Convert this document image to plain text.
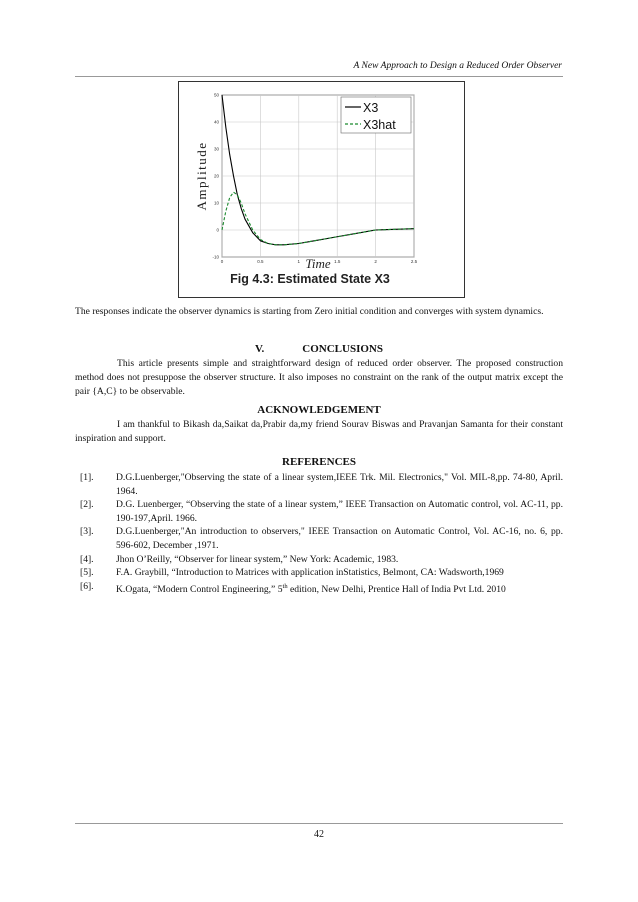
A New Approach to Design a Reduced Order Observer
0	0.5	1	1.5	2	2.5
-10
0
10
20
30
40
50
Time
Amplitude
Fig 4.3: Estimated State X3
X3
X3hat
The responses indicate the observer dynamics is starting from Zero initial condition and converges with system dynamics.
V.	CONCLUSIONS
This article presents simple and straightforward design of reduced order observer. The proposed construction method does not presuppose the observer structure. It also imposes no constraint on the rank of the output matrix except the pair {A,C} to be observable.
ACKNOWLEDGEMENT
I am thankful to Bikash da,Saikat da,Prabir da,my friend Sourav Biswas and Pravanjan Samanta for their constant inspiration and support.
REFERENCES
[1].	D.G.Luenberger,"Observing the state of a linear system,IEEE Trk. Mil. Electronics," Vol. MIL-8,pp. 74-80, April. 1964.
[2].	D.G. Luenberger, “Observing the state of a linear system,” IEEE Transaction on Automatic control, vol. AC-11, pp. 190-197,April. 1966.
[3].	D.G.Luenberger,"An introduction to observers," IEEE Transaction on Automatic Control, Vol. AC-16, no. 6, pp. 596-602, December ,1971.
[4].	Jhon O’Reilly, “Observer for linear system,” New York: Academic, 1983.
[5].	F.A. Graybill, “Introduction to Matrices with application inStatistics, Belmont, CA: Wadsworth,1969
[6].	K.Ogata, “Modern Control Engineering,” 5th edition, New Delhi, Prentice Hall of India Pvt Ltd. 2010
42
